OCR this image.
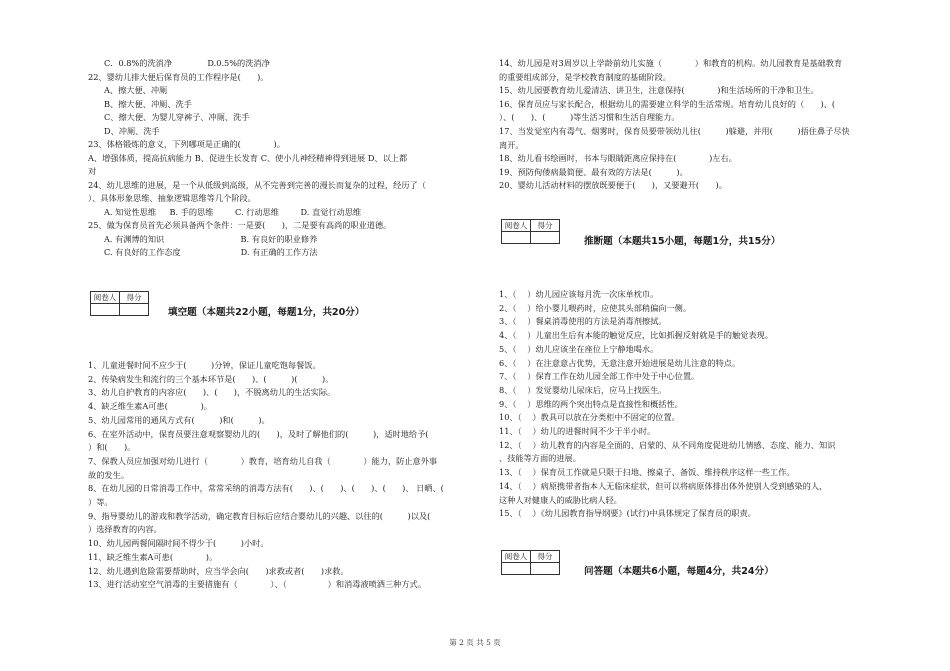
C．0.8%的洗消净 　　　　D.0.5%的洗消净
22、婴幼儿排大便后保育员的工作程序是(　　)。
A、擦大便、冲厕
B、擦大便、冲厕、洗手
C、擦大便、为婴儿穿裤子、冲厕、洗手
D、冲厕、洗手
23、体格锻炼的意义，下列哪项是正确的(　　　　)。
A、增强体质，提高抗病能力 B、促进生长发育 C、使小儿神经精神得到进展 D、以上都
对
24、幼儿思维的进展，是一个从低级到高级，从不完善到完善的漫长而复杂的过程，经历了（
）、具体形象思维、抽象逻辑思维等几个阶段。
A. 知觉性思维 　 B. 手的思维 　 　C. 行动思维 　 　D. 直觉行动思维
25、做为保育员首先必须具备两个条件：一是要(　　)，二是要有高尚的职业道德。
A. 有渊博的知识 　　　　　　　　　B. 有良好的职业修养
C. 有良好的工作态度 　　　　　　　D. 有正确的工作方法
阅卷人	得分

填空题（本题共22小题，每题1分，共20分）
1、儿童进餐时间不应少于(　　　)分钟，保证儿童吃饱每餐饭。
2、传染病发生和流行的三个基本环节是(　　)、(　　　)(　　　)。
3、幼儿自护教育的内容应(　　)、(　　)，不脱离幼儿的生活实际。
4、缺乏维生素A可患(　　　　)。
5、幼儿园常用的通风方式有(　　　)和(　　　)。
6、在室外活动中，保育员要注意观察婴幼儿的(　　)，及时了解他们的(　　　)，适时地给予(
）和(　　)。
7、保教人员应加强对幼儿进行（　　　　）教育，培育幼儿自我（　　　　）能力，防止意外事
故的发生。
8、在幼儿园的日常消毒工作中，常常采纳的消毒方法有(　　)、(　　)、(　　)、(　　)、 日晒、(
）等。
9、指导婴幼儿的游戏和教学活动，确定教育目标后应结合婴幼儿的兴趣、以往的(　　　)以及(
）选择教育的内容。
10、幼儿园两餐间隔时间不得少于(　　　)小时。
11、缺乏维生素A可患(　　　　)。
12、幼儿遇到危险需要帮助时，应当学会向(　　)求救或者(　　)求救。
13、进行活动室空气消毒的主要措施有（　　　　）、（　　　　　）和消毒液喷洒三种方式。
14、幼儿园是对3周岁以上学龄前幼儿实施（　　　　）和教育的机构。幼儿园教育是基础教育
的重要组成部分，是学校教育制度的基础阶段。
15、幼儿园要教育幼儿爱清洁、讲卫生，注意保持(　　　　)和生活场所的干净和卫生。
16、保育员应与家长配合，根据幼儿的需要建立科学的生活常规。培育幼儿良好的（　　)、(
）、(　　)、(　　　)等生活习惯和生活自理能力。
17、当发觉室内有毒气、烟雾时，保育员要带领幼儿往(　　　)躲避，并用(　　　)捂住鼻子尽快
离开。
18、幼儿看书绘画时，书本与眼睛距离应保持在(　　　　)左右。
19、预防佝偻病最简便、最有效的方法是(　　　)。
20、婴幼儿活动材料的摆放既要便于(　　)，又要避开(　　)。
阅卷人	得分

推断题（本题共15小题，每题1分，共15分）
1、（　 ）幼儿园应该每月洗一次床单枕巾。
2、（　 ）给小婴儿喂药时，应使其头部稍偏向一侧。
3、（　 ）餐桌消毒使用的方法是消毒剂擦拭。
4、（　 ）儿童出生后有本能的触觉反应，比如抓握反射就是手的触觉表现。
5、（　 ）幼儿应该坐在座位上宁静地喝水。
6、（　 ）在注意意占优势，无意注意开始进展是幼儿注意的特点。
7、（　 ）保育工作在幼儿园全部工作中处于中心位置。
8、（　 ）发觉婴幼儿尿床后，应马上找医生。
9、（　 ）思维的两个突出特点是直接性和概括性。
10、（　 ）教具可以放在分类柜中不固定的位置。
11、（　 ）幼儿的进餐时间不少于半小时。
12、（　 ）幼儿教育的内容是全面的、启蒙的、从不同角度促进幼儿情感、态度、能力、知识
、技能等方面的进展。
13、（　 ）保育员工作就是只限于扫地、擦桌子、备饭、维持秩序这样一些工作。
14、（　 ）病原携带者指本人无临床症状，但可以将病原体排出体外使别人受到感染的人，
这种人对健康人的威胁比病人轻。
15、（　 ）《幼儿园教育指导纲要》(试行)中具体规定了保育员的职责。
阅卷人	得分

问答题（本题共6小题，每题4分，共24分）
第 2 页 共 5 页
